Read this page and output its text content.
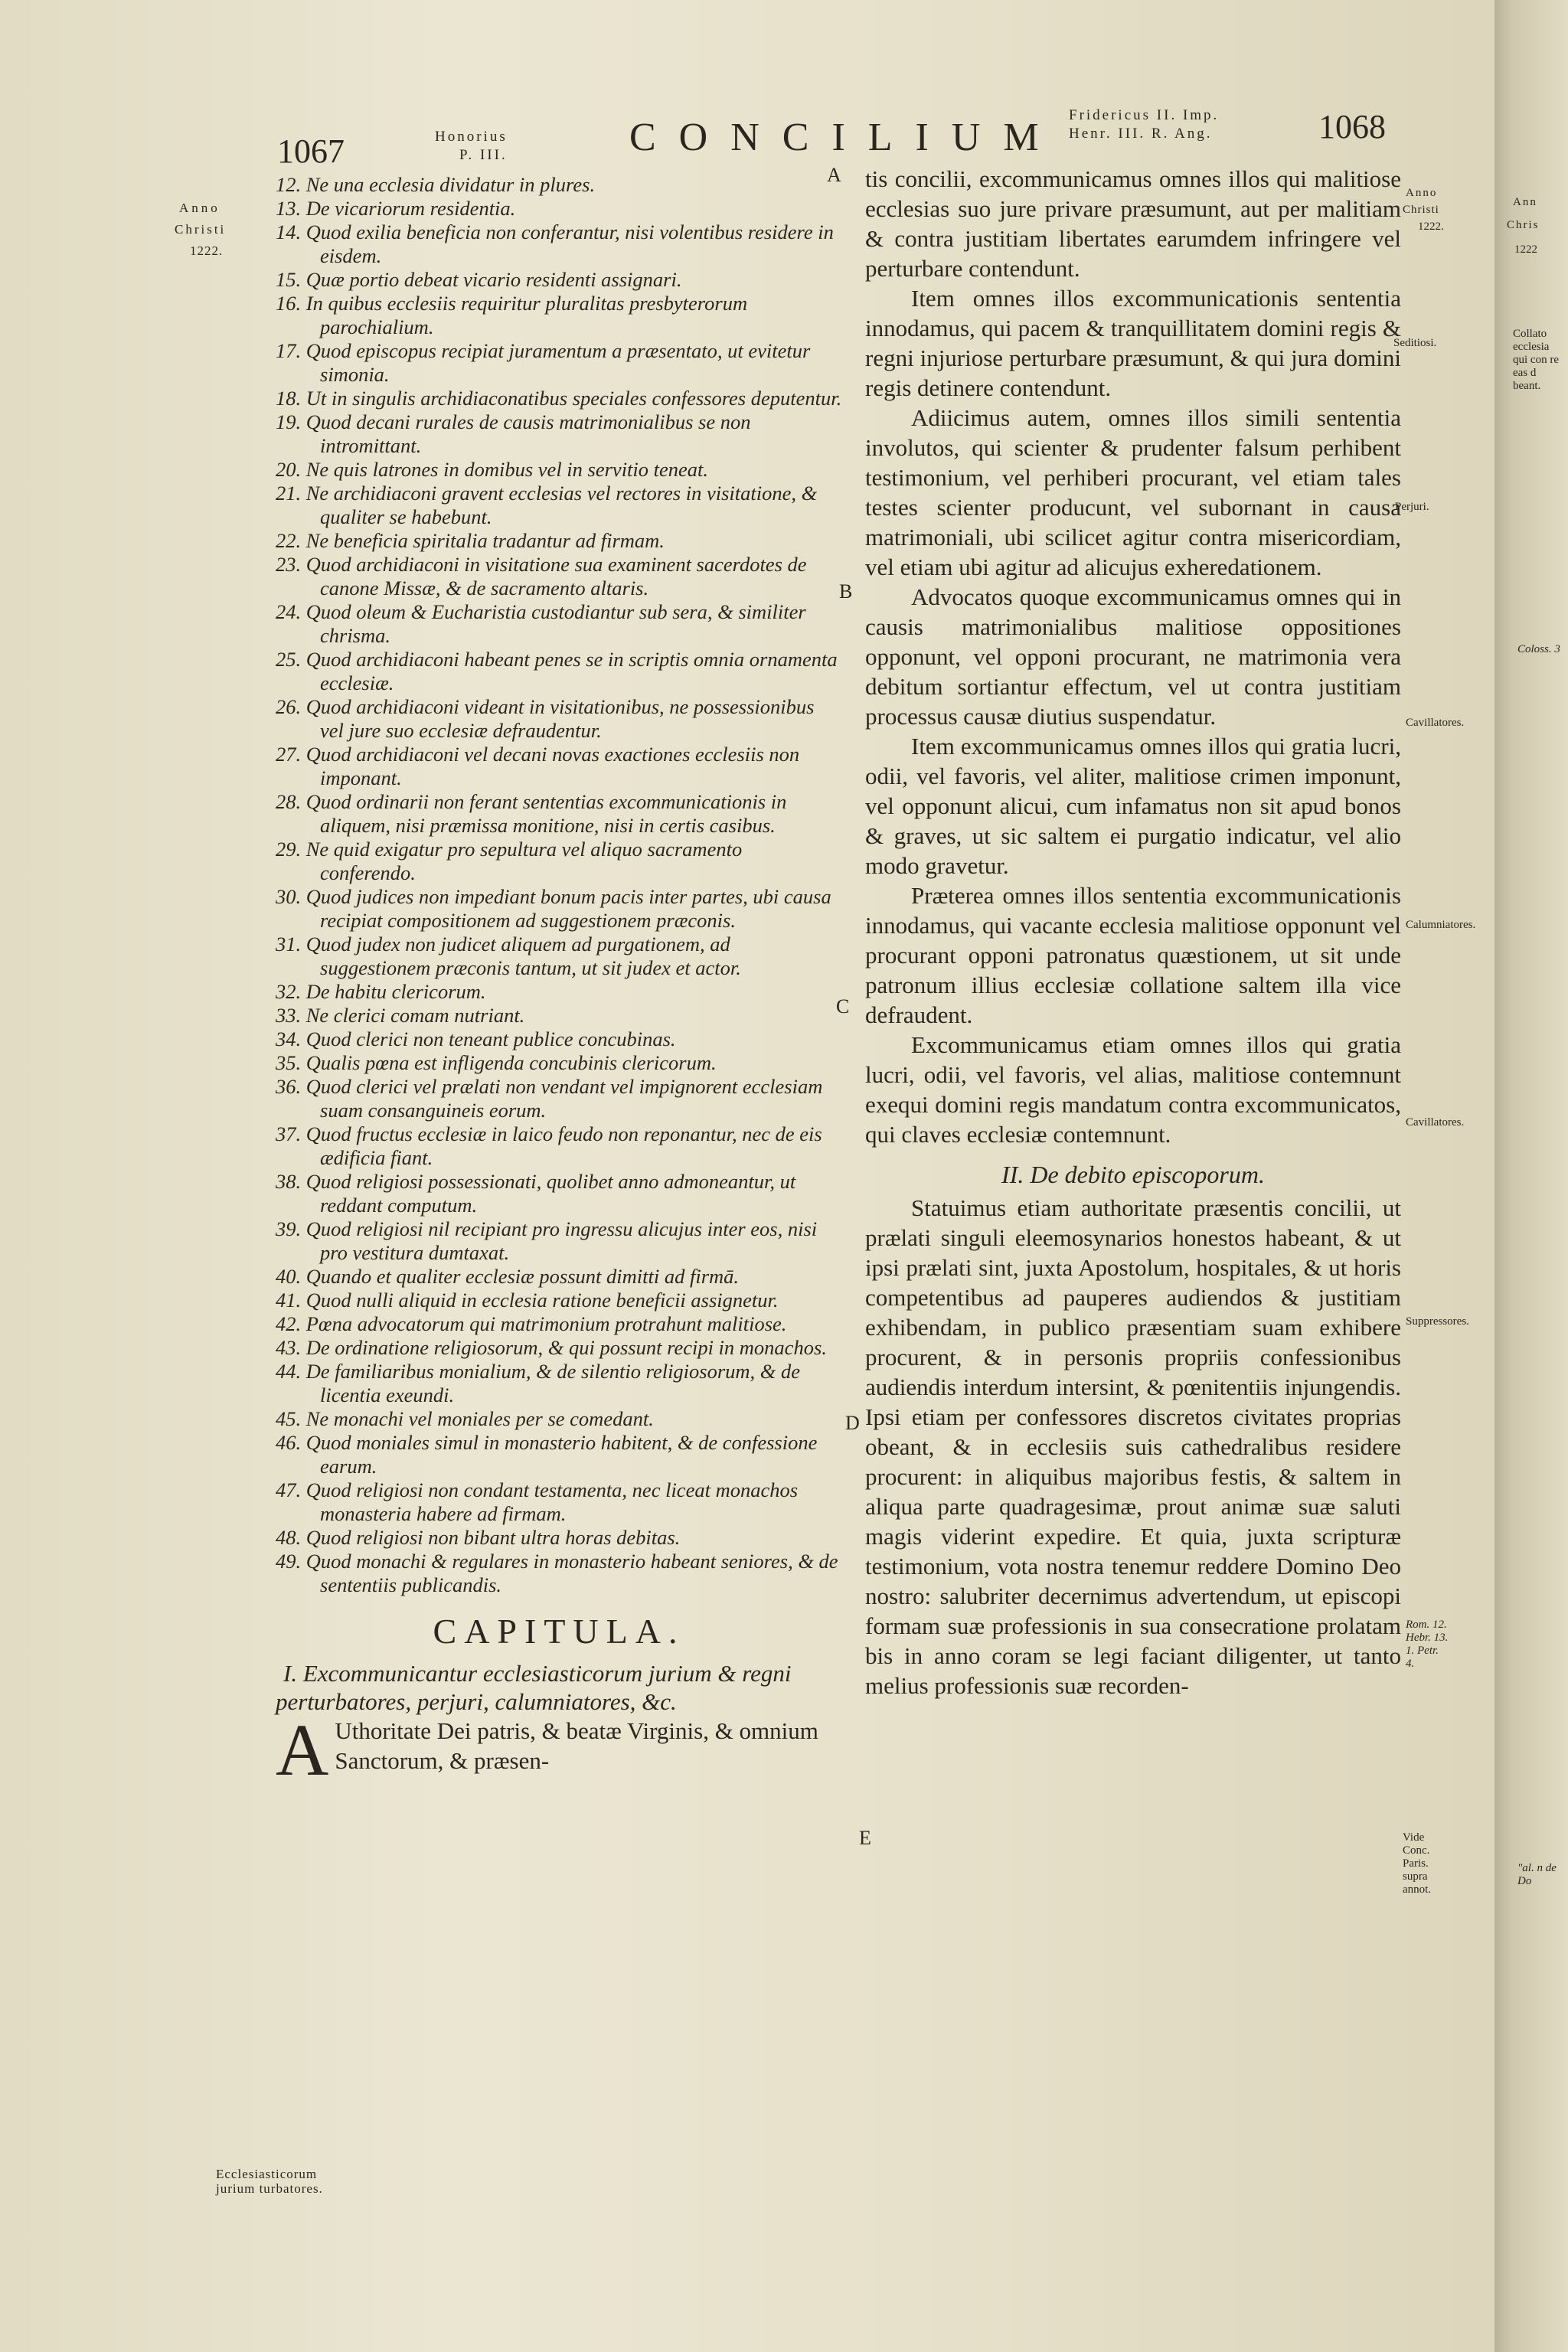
Ann
Chris
1222
Collato ecclesia qui con re eas d beant.
Coloss. 3
"al. n de Do
1067	Honorius
P. III.	CONCILIUM
Fridericus II. Imp.
Henr. III. R. Ang.	1068
Anno
Christi
1222.
Ecclesiasticorum jurium turbatores.
A
B
C
D
E

12. Ne una ecclesia dividatur in plures.

13. De vicariorum residentia.

14. Quod exilia beneficia non conferantur, nisi volentibus residere in eisdem.

15. Quæ portio debeat vicario residenti assignari.

16. In quibus ecclesiis requiritur pluralitas presbyterorum parochialium.

17. Quod episcopus recipiat juramentum a præsentato, ut evitetur simonia.

18. Ut in singulis archidiaconatibus speciales confessores deputentur.

19. Quod decani rurales de causis matrimonialibus se non intromittant.

20. Ne quis latrones in domibus vel in servitio teneat.

21. Ne archidiaconi gravent ecclesias vel rectores in visitatione, & qualiter se habebunt.

22. Ne beneficia spiritalia tradantur ad firmam.

23. Quod archidiaconi in visitatione sua examinent sacerdotes de canone Missæ, & de sacramento altaris.

24. Quod oleum & Eucharistia custodiantur sub sera, & similiter chrisma.

25. Quod archidiaconi habeant penes se in scriptis omnia ornamenta ecclesiæ.

26. Quod archidiaconi videant in visitationibus, ne possessionibus vel jure suo ecclesiæ defraudentur.

27. Quod archidiaconi vel decani novas exactiones ecclesiis non imponant.

28. Quod ordinarii non ferant sententias excommunicationis in aliquem, nisi præmissa monitione, nisi in certis casibus.

29. Ne quid exigatur pro sepultura vel aliquo sacramento conferendo.

30. Quod judices non impediant bonum pacis inter partes, ubi causa recipiat compositionem ad suggestionem præconis.

31. Quod judex non judicet aliquem ad purgationem, ad suggestionem præconis tantum, ut sit judex et actor.

32. De habitu clericorum.

33. Ne clerici comam nutriant.

34. Quod clerici non teneant publice concubinas.

35. Qualis pœna est infligenda concubinis clericorum.

36. Quod clerici vel prælati non vendant vel impignorent ecclesiam suam consanguineis eorum.

37. Quod fructus ecclesiæ in laico feudo non reponantur, nec de eis ædificia fiant.

38. Quod religiosi possessionati, quolibet anno admoneantur, ut reddant computum.

39. Quod religiosi nil recipiant pro ingressu alicujus inter eos, nisi pro vestitura dumtaxat.

40. Quando et qualiter ecclesiæ possunt dimitti ad firmā.

41. Quod nulli aliquid in ecclesia ratione beneficii assignetur.

42. Pœna advocatorum qui matrimonium protrahunt malitiose.

43. De ordinatione religiosorum, & qui possunt recipi in monachos.

44. De familiaribus monialium, & de silentio religiosorum, & de licentia exeundi.

45. Ne monachi vel moniales per se comedant.

46. Quod moniales simul in monasterio habitent, & de confessione earum.

47. Quod religiosi non condant testamenta, nec liceat monachos monasteria habere ad firmam.

48. Quod religiosi non bibant ultra horas debitas.

49. Quod monachi & regulares in monasterio habeant seniores, & de sententiis publicandis.

CAPITULA.

I. Excommunicantur ecclesiasticorum jurium & regni perturbatores, perjuri, calumniatores, &c.

A Uthoritate Dei patris, & beatæ Virginis, & omnium Sanctorum, & præsen-

tis concilii, excommunicamus omnes illos qui malitiose ecclesias suo jure privare præsumunt, aut per malitiam & contra justitiam libertates earumdem infringere vel perturbare contendunt.

Item omnes illos excommunicationis sententia innodamus, qui pacem & tranquillitatem domini regis & regni injuriose perturbare præsumunt, & qui jura domini regis detinere contendunt.

Adiicimus autem, omnes illos simili sententia involutos, qui scienter & prudenter falsum perhibent testimonium, vel perhiberi procurant, vel etiam tales testes scienter producunt, vel subornant in causa matrimoniali, ubi scilicet agitur contra misericordiam, vel etiam ubi agitur ad alicujus exheredationem.

Advocatos quoque excommunicamus omnes qui in causis matrimonialibus malitiose oppositiones opponunt, vel opponi procurant, ne matrimonia vera debitum sortiantur effectum, vel ut contra justitiam processus causæ diutius suspendatur.

Item excommunicamus omnes illos qui gratia lucri, odii, vel favoris, vel aliter, malitiose crimen imponunt, vel opponunt alicui, cum infamatus non sit apud bonos & graves, ut sic saltem ei purgatio indicatur, vel alio modo gravetur.

Præterea omnes illos sententia excommunicationis innodamus, qui vacante ecclesia malitiose opponunt vel procurant opponi patronatus quæstionem, ut sit unde patronum illius ecclesiæ collatione saltem illa vice defraudent.

Excommunicamus etiam omnes illos qui gratia lucri, odii, vel favoris, vel alias, malitiose contemnunt exequi domini regis mandatum contra excommunicatos, qui claves ecclesiæ contemnunt.

II. De debito episcoporum.

Statuimus etiam authoritate præsentis concilii, ut prælati singuli eleemosynarios honestos habeant, & ut ipsi prælati sint, juxta Apostolum, hospitales, & ut horis competentibus ad pauperes audiendos & justitiam exhibendam, in publico præsentiam suam exhibere procurent, & in personis propriis confessionibus audiendis interdum intersint, & pœnitentiis injungendis. Ipsi etiam per confessores discretos civitates proprias obeant, & in ecclesiis suis cathedralibus residere procurent: in aliquibus majoribus festis, & saltem in aliqua parte quadragesimæ, prout animæ suæ saluti magis viderint expedire. Et quia, juxta scripturæ testimonium, vota nostra tenemur reddere Domino Deo nostro: salubriter decernimus advertendum, ut episcopi formam suæ professionis in sua consecratione prolatam bis in anno coram se legi faciant diligenter, ut tanto melius professionis suæ recorden-

Anno
Christi
1222.
Seditiosi.
Perjuri.
Cavillatores.
Calumniatores.
Cavillatores.
Suppressores.
Rom. 12. Hebr. 13. 1. Petr. 4.
Vide Conc. Paris. supra annot.
